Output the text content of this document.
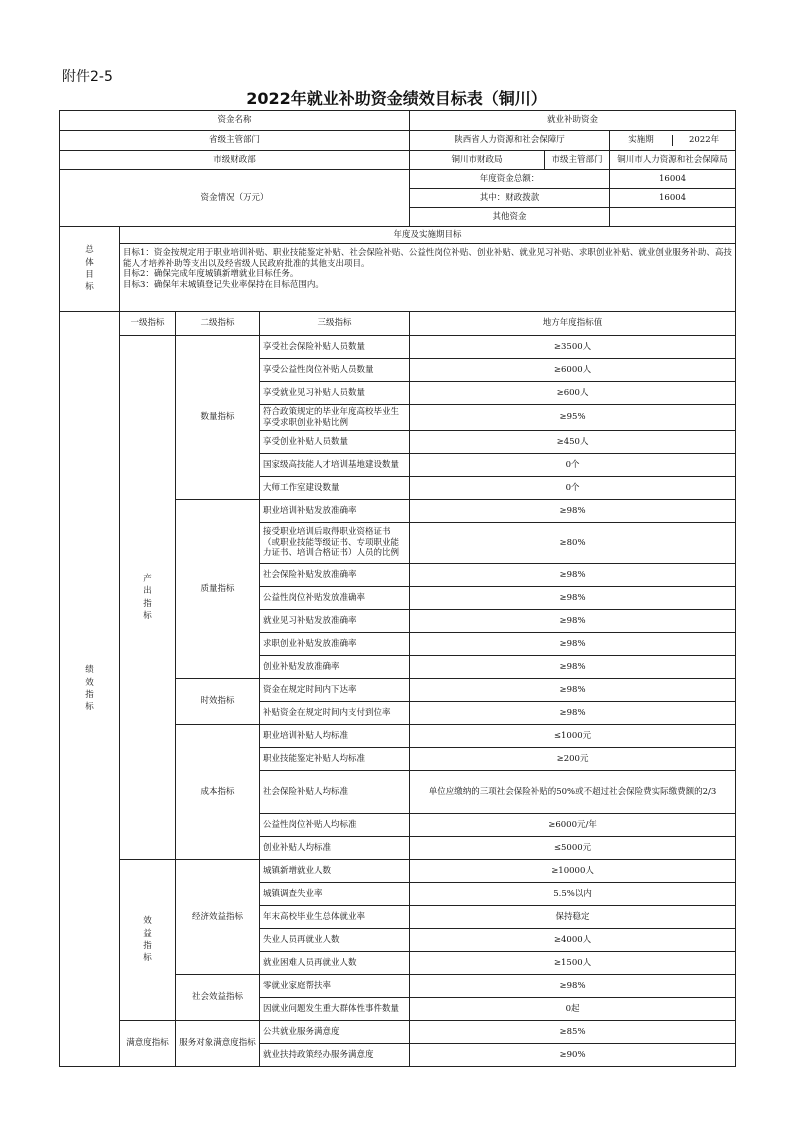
附件2-5
2022年就业补助资金绩效目标表（铜川）
资金名称				就业补助资金		
省级主管部门				陕西省人力资源和社会保障厅		实施期 2022年

市级财政部				铜川市财政局	市级主管部门	铜川市人力资源和社会保障局
资金情况（万元）				年度资金总额：		16004
				其中：财政拨款		16004
				其他资金		
总体目标	年度及实施期目标					

	目标1：资金按规定用于职业培训补贴、职业技能鉴定补贴、社会保险补贴、公益性岗位补贴、创业补贴、就业见习补贴、求职创业补贴、就业创业服务补助、高技能人才培养补助等支出以及经省级人民政府批准的其他支出项目。
目标2：确保完成年度城镇新增就业目标任务。
目标3：确保年末城镇登记失业率保持在目标范围内。					

绩效指标	一级指标	二级指标	三级指标	地方年度指标值		
	产出指标	数量指标	享受社会保险补贴人员数量	≥3500人		
			享受公益性岗位补贴人员数量	≥6000人		
			享受就业见习补贴人员数量	≥600人		
			符合政策规定的毕业年度高校毕业生享受求职创业补贴比例	≥95%		
			享受创业补贴人员数量	≥450人		
			国家级高技能人才培训基地建设数量	0个		
			大师工作室建设数量	0个		
		质量指标	职业培训补贴发放准确率	≥98%		
			接受职业培训后取得职业资格证书（或职业技能等级证书、专项职业能力证书、培训合格证书）人员的比例	≥80%		
			社会保险补贴发放准确率	≥98%		
			公益性岗位补贴发放准确率	≥98%		
			就业见习补贴发放准确率	≥98%		
			求职创业补贴发放准确率	≥98%		
			创业补贴发放准确率	≥98%		
		时效指标	资金在规定时间内下达率	≥98%		
			补贴资金在规定时间内支付到位率	≥98%		
		成本指标	职业培训补贴人均标准	≤1000元		
			职业技能鉴定补贴人均标准	≥200元		
			社会保险补贴人均标准	单位应缴纳的三项社会保险补贴的50%或不超过社会保险费实际缴费额的2/3		
			公益性岗位补贴人均标准	≥6000元/年		
			创业补贴人均标准	≤5000元		
	效益指标	经济效益指标	城镇新增就业人数	≥10000人		
			城镇调查失业率	5.5%以内		
			年末高校毕业生总体就业率	保持稳定		
			失业人员再就业人数	≥4000人		
			就业困难人员再就业人数	≥1500人		
		社会效益指标	零就业家庭帮扶率	≥98%		
			因就业问题发生重大群体性事件数量	0起		
	满意度指标	服务对象满意度指标	公共就业服务满意度	≥85%		
			就业扶持政策经办服务满意度	≥90%		
